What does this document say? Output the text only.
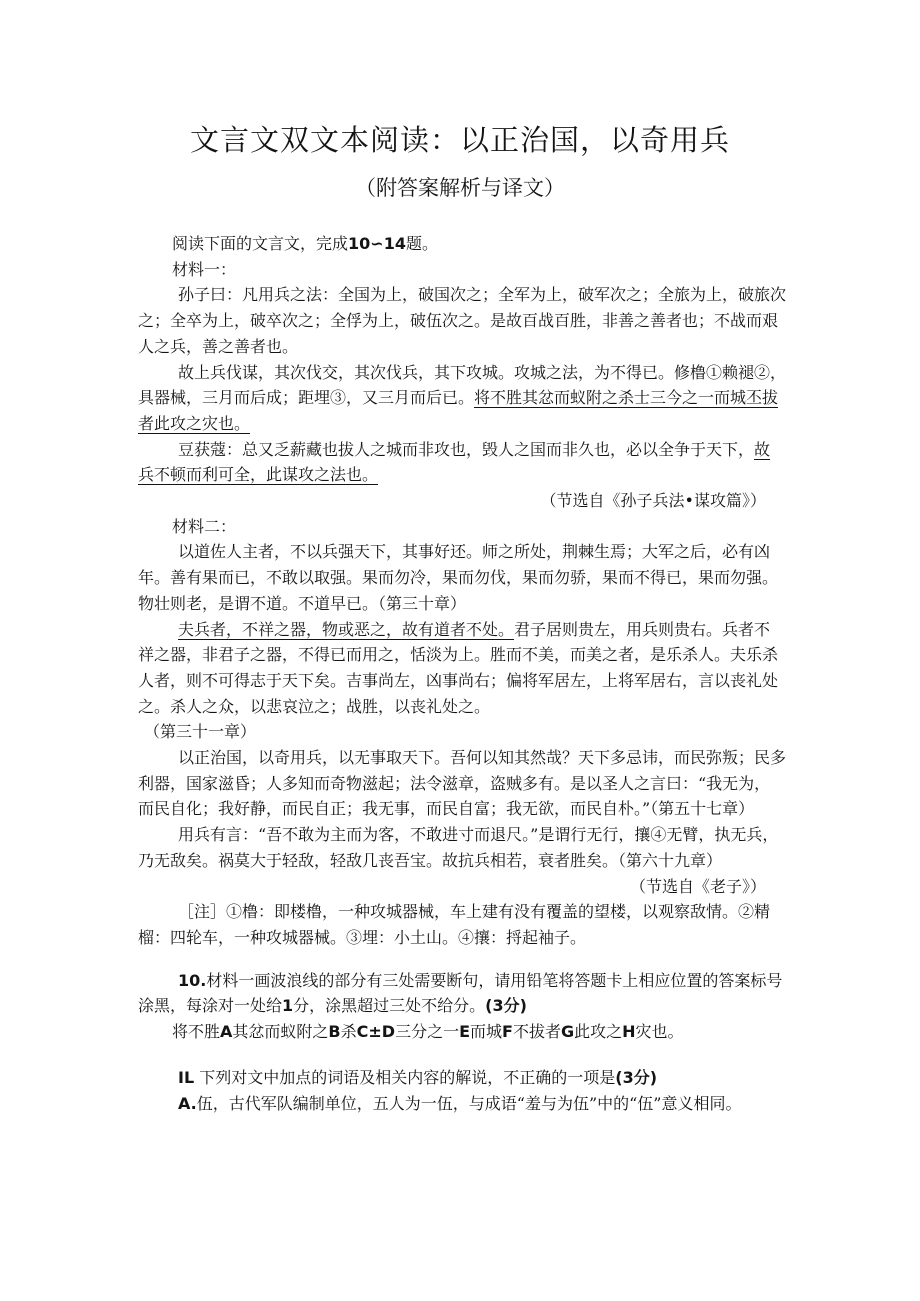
文言文双文本阅读：以正治国，以奇用兵
（附答案解析与译文）

阅读下面的文言文，完成10∽14题。

材料一：

孙子曰：凡用兵之法：全国为上，破国次之；全军为上，破军次之；全旅为上，破旅次之；全卒为上，破卒次之；全俘为上，破伍次之。是故百战百胜，非善之善者也；不战而艰人之兵，善之善者也。

故上兵伐谋，其次伐交，其次伐兵，其下攻城。攻城之法，为不得已。修橹①赖褪②，具器械，三月而后成；距埋③，又三月而后已。将不胜其忿而蚁附之杀士三今之一而城丕拔者此攻之灾也。

豆获蔻：总又乏薪藏也拔人之城而非攻也，毁人之国而非久也，必以全争于天下，故兵不顿而利可全，此谋攻之法也。

（节选自《孙子兵法•谋攻篇》）

材料二：

以道佐人主者，不以兵强天下，其事好还。师之所处，荆棘生焉；大军之后，必有凶年。善有果而已，不敢以取强。果而勿冷，果而勿伐，果而勿骄，果而不得已，果而勿强。物壮则老，是谓不道。不道早已。（第三十章）

夫兵者，不祥之器，物或恶之，故有道者不处。君子居则贵左，用兵则贵右。兵者不祥之器，非君子之器，不得已而用之，恬淡为上。胜而不美，而美之者，是乐杀人。夫乐杀人者，则不可得志于天下矣。吉事尚左，凶事尚右；偏将军居左，上将军居右，言以丧礼处之。杀人之众，以悲哀泣之；战胜，以丧礼处之。

（第三十一章）

以正治国，以奇用兵，以无事取天下。吾何以知其然哉？天下多忌讳，而民弥叛；民多利器，国家滋昏；人多知而奇物滋起；法令滋章，盗贼多有。是以圣人之言曰：“我无为，而民自化；我好静，而民自正；我无事，而民自富；我无欲，而民自朴。”（第五十七章）

用兵有言：“吾不敢为主而为客，不敢进寸而退尺。”是谓行无行，攘④无臂，执无兵，乃无敌矣。祸莫大于轻敌，轻敌几丧吾宝。故抗兵相若，衰者胜矣。（第六十九章）

（节选自《老子》）

［注］①橹：即楼橹，一种攻城器械，车上建有没有覆盖的望楼，以观察敌情。②精榴：四轮车，一种攻城器械。③埋：小土山。④攘：捋起袖子。

10.材料一画波浪线的部分有三处需要断句，请用铅笔将答题卡上相应位置的答案标号涂黑，每涂对一处给1分，涂黑超过三处不给分。(3分)

将不胜A其忿而蚁附之B杀C±D三分之一E而城F不拔者G此攻之H灾也。

IL 下列对文中加点的词语及相关内容的解说，不正确的一项是(3分)

A.伍，古代军队编制单位，五人为一伍，与成语“羞与为伍”中的“伍”意义相同。
